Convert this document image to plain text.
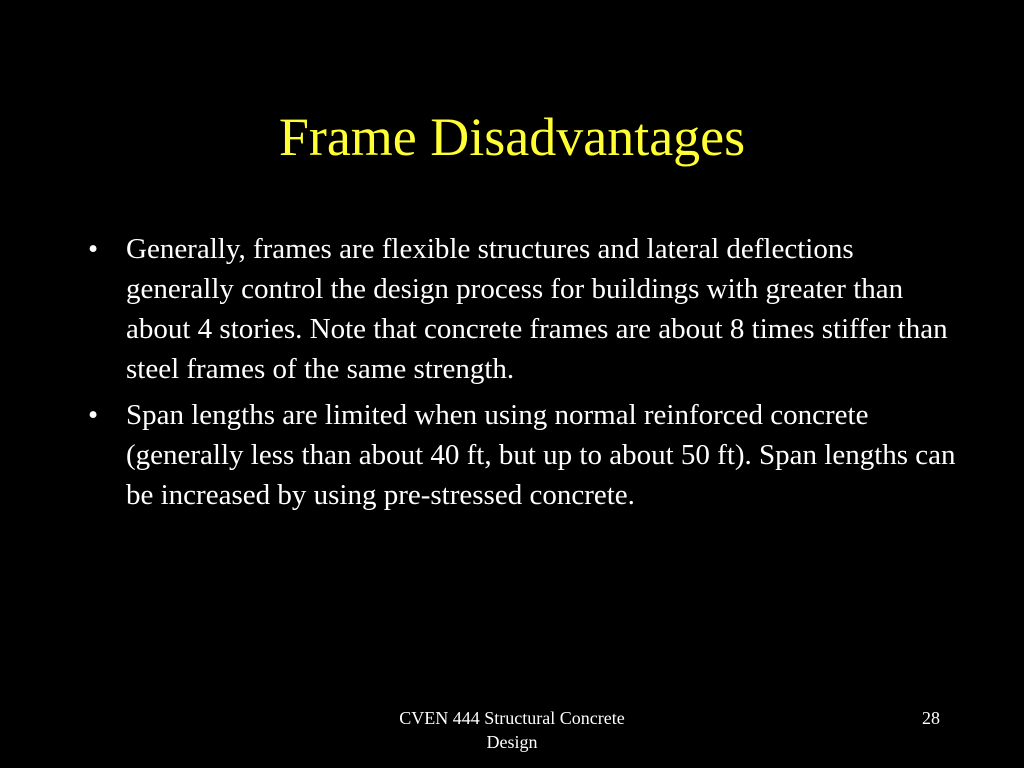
Frame Disadvantages
• Generally, frames are flexible structures and lateral deflections generally control the design process for buildings with greater than about 4 stories. Note that concrete frames are about 8 times stiffer than steel frames of the same strength.
• Span lengths are limited when using normal reinforced concrete (generally less than about 40 ft, but up to about 50 ft). Span lengths can be increased by using pre-stressed concrete.
CVEN 444 Structural Concrete
Design
28
